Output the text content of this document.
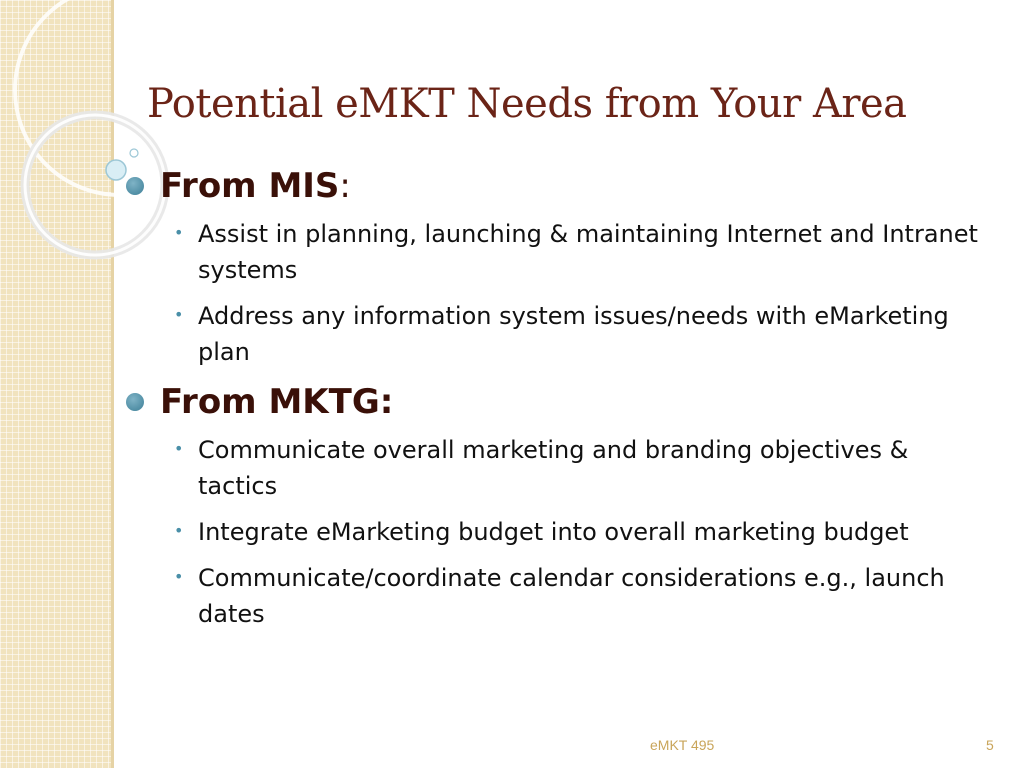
Potential eMKT Needs from Your Area
From MIS:
• Assist in planning, launching & maintaining Internet and Intranet systems
• Address any information system issues/needs with eMarketing plan
From MKTG:
• Communicate overall marketing and branding objectives & tactics
• Integrate eMarketing budget into overall marketing budget
• Communicate/coordinate calendar considerations e.g., launch dates
eMKT 495	5
